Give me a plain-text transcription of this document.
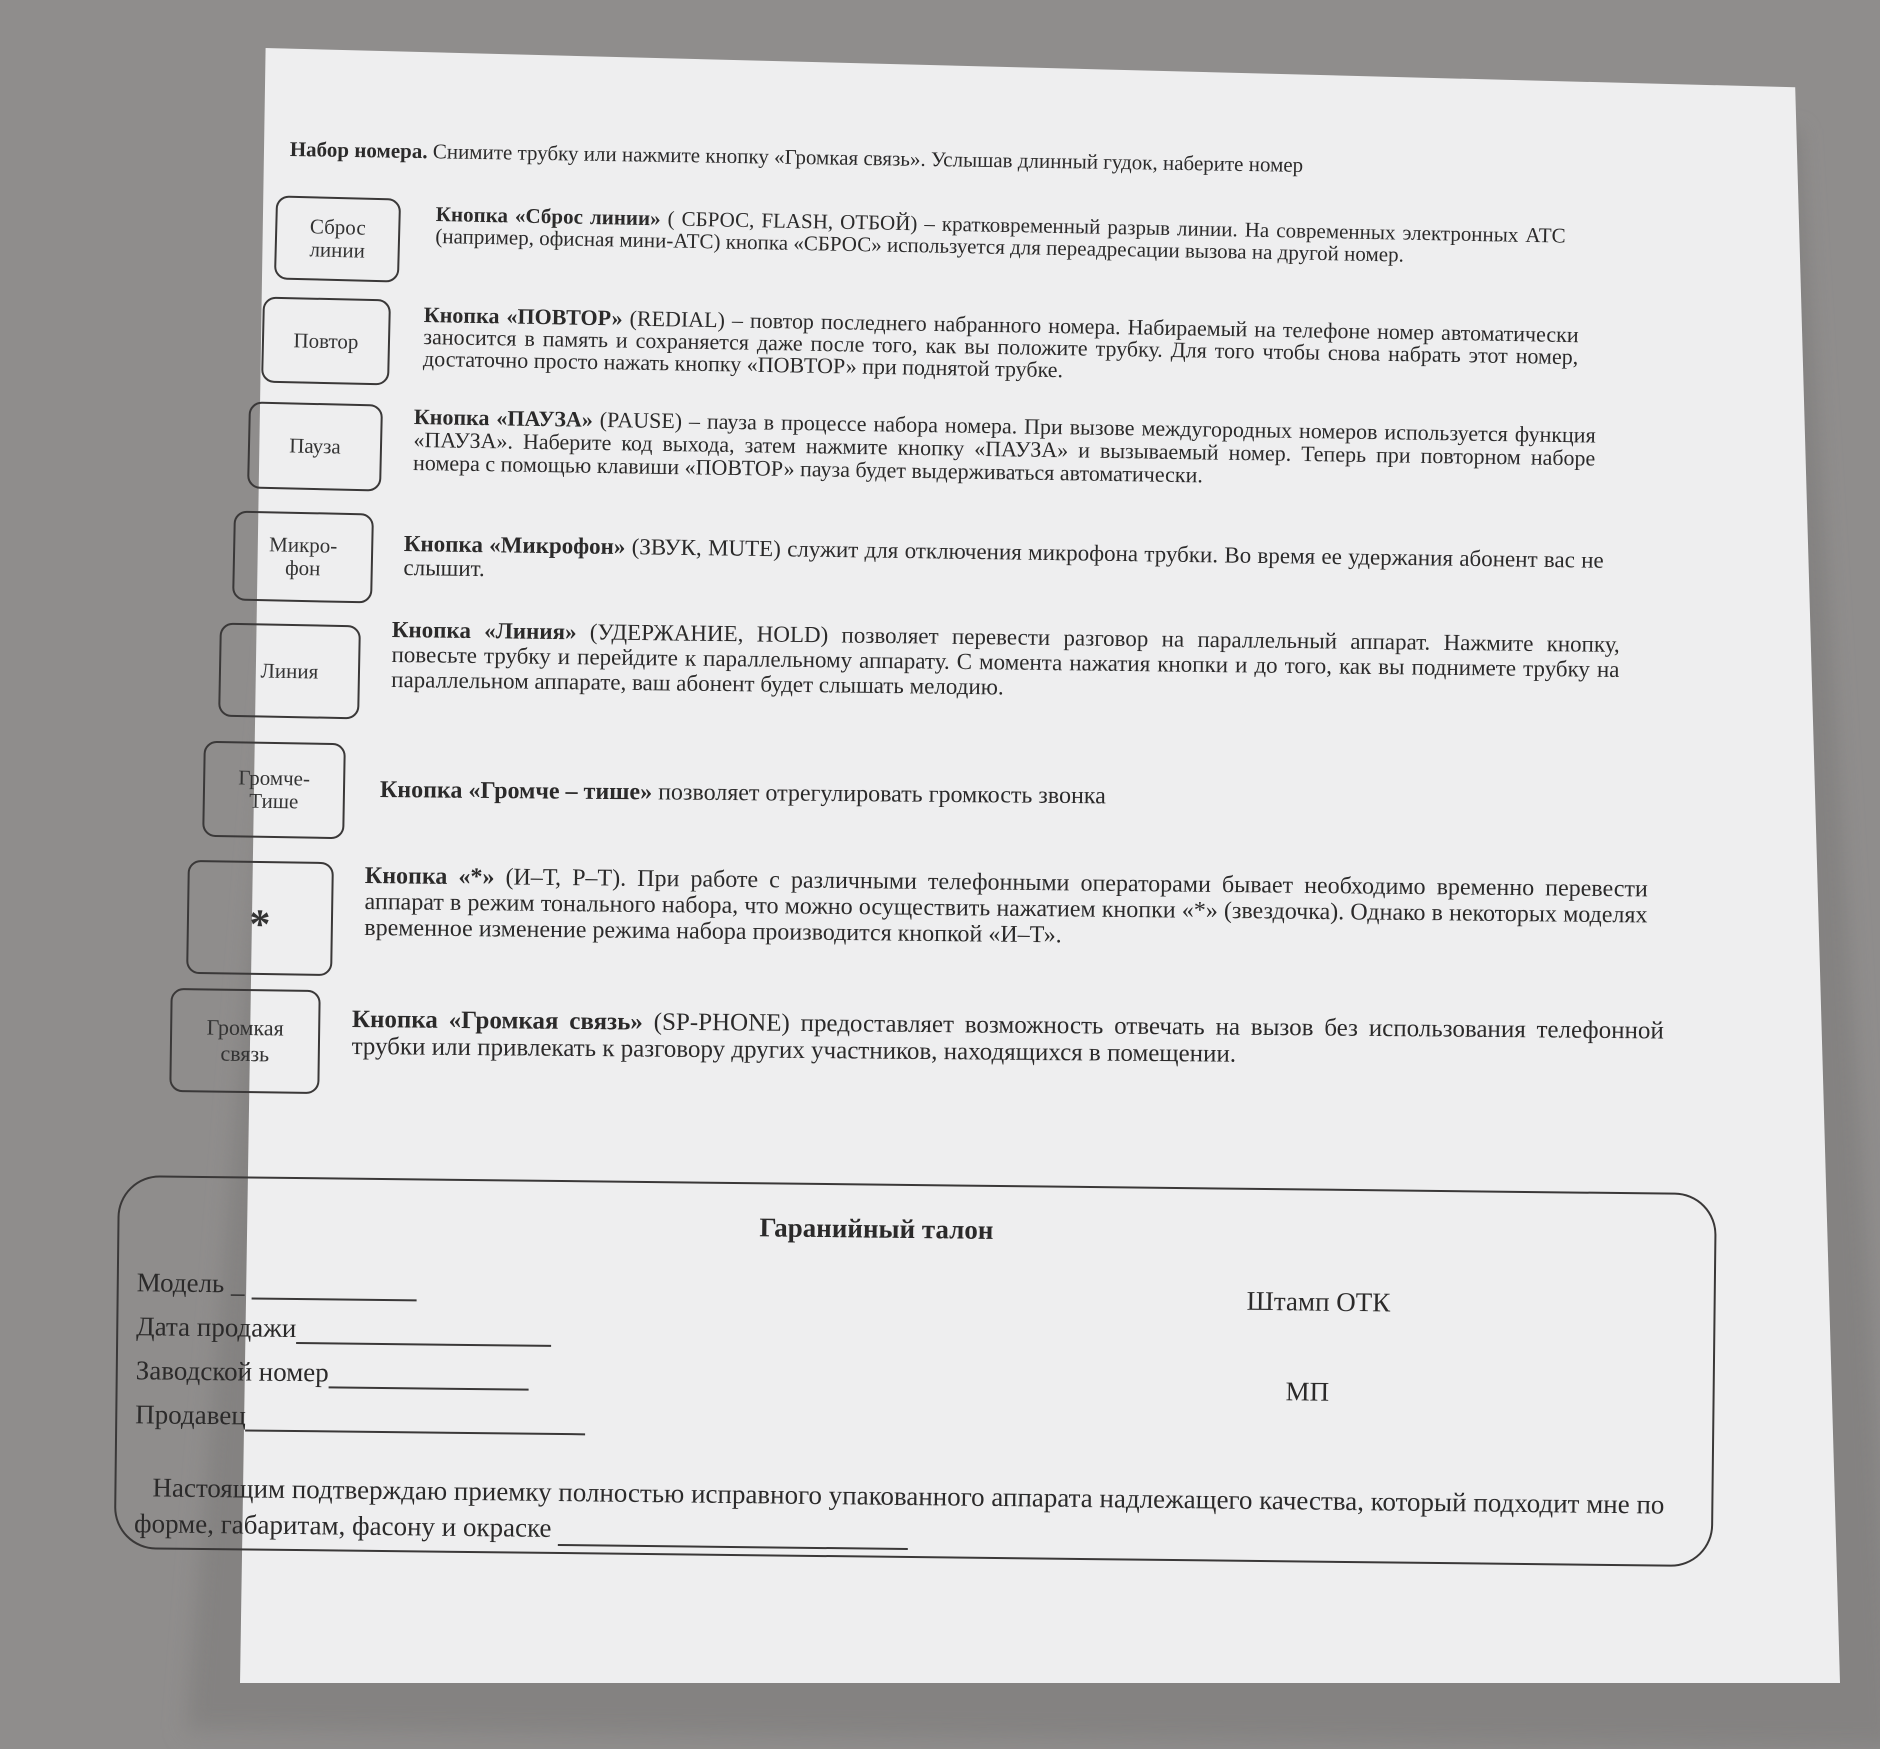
Набор номера. Снимите трубку или нажмите кнопку «Громкая связь». Услышав длинный гудок, наберите номер
Сброс линии
Кнопка «Сброс линии» ( СБРОС, FLASH, ОТБОЙ) – кратковременный разрыв линии. На современных электронных АТС (например, офисная мини-АТС) кнопка «СБРОС» используется для переадресации вызова на другой номер.
Повтор
Кнопка «ПОВТОР» (REDIAL) – повтор последнего набранного номера. Набираемый на телефоне номер автоматически заносится в память и сохраняется даже после того, как вы положите трубку. Для того чтобы снова набрать этот номер, достаточно просто нажать кнопку «ПОВТОР» при поднятой трубке.
Пауза
Кнопка «ПАУЗА» (PAUSE) – пауза в процессе набора номера. При вызове междугородных номеров используется функция «ПАУЗА». Наберите код выхода, затем нажмите кнопку «ПАУЗА» и вызываемый номер. Теперь при повторном наборе номера с помощью клавиши «ПОВТОР» пауза будет выдерживаться автоматически.
Микро-фон
Кнопка «Микрофон» (ЗВУК, MUTE) служит для отключения микрофона трубки. Во время ее удержания абонент вас не слышит.
Линия
Кнопка «Линия» (УДЕРЖАНИЕ, HOLD) позволяет перевести разговор на параллельный аппарат. Нажмите кнопку, повесьте трубку и перейдите к параллельному аппарату. С момента нажатия кнопки и до того, как вы поднимете трубку на параллельном аппарате, ваш абонент будет слышать мелодию.
Громче-Тише	Кнопка «Громче – тише» позволяет отрегулировать громкость звонка
*
Кнопка «*» (И–Т, Р–Т). При работе с различными телефонными операторами бывает необходимо временно перевести аппарат в режим тонального набора, что можно осуществить нажатием кнопки «*» (звездочка). Однако в некоторых моделях временное изменение режима набора производится кнопкой «И–Т».
Громкая связь
Кнопка «Громкая связь» (SP-PHONE) предоставляет возможность отвечать на вызов без использования телефонной трубки или привлекать к разговору других участников, находящихся в помещении.
Гаранийный талон
Модель _
Дата продажи
Заводской номер
Продавец
Штамп ОТК
МП
Настоящим подтверждаю приемку полностью исправного упакованного аппарата надлежащего качества, который подходит мне по форме, габаритам, фасону и окраске
